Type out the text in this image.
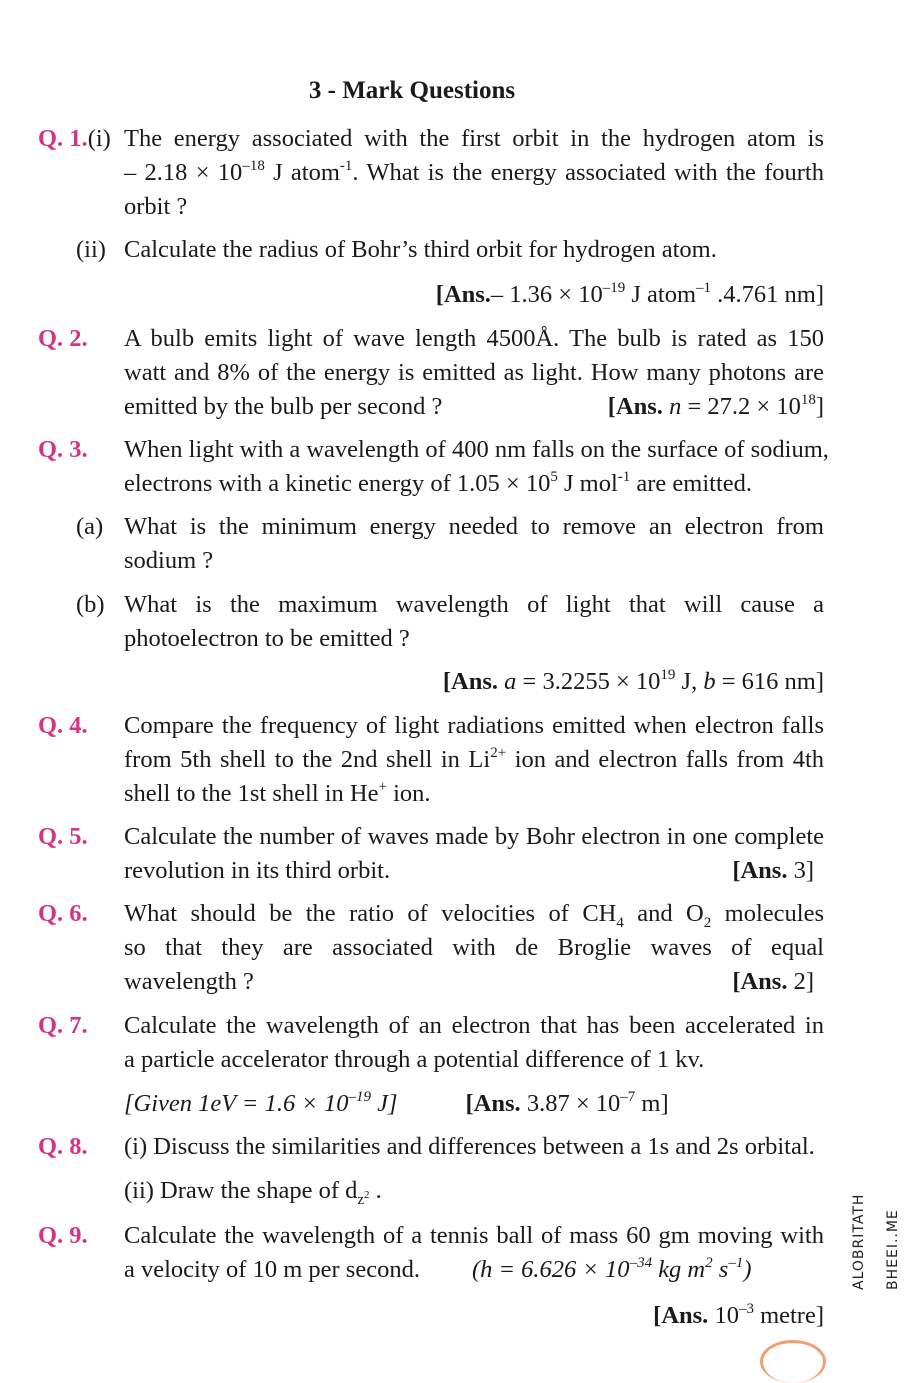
3 - Mark Questions
Q. 1.(i) The energy associated with the first orbit in the hydrogen atom is
– $2.18 \times 10^{-18}$ J atom$^{-1}$. What is the energy associated with the fourth
orbit ?
(ii) Calculate the radius of Bohr’s third orbit for hydrogen atom.
[Ans.– $1.36 \times 10^{-19}$ J atom$^{-1}$ .4.761 nm]
Q. 2. A bulb emits light of wave length 4500Å. The bulb is rated as 150
watt and 8% of the energy is emitted as light. How many photons are
emitted by the bulb per second ?	[Ans. $n = 27.2 \times 10^{18}$]
Q. 3. When light with a wavelength of 400 nm falls on the surface of sodium,
electrons with a kinetic energy of $1.05 \times 10^5$ J mol$^{-1}$ are emitted.
(a) What is the minimum energy needed to remove an electron from
sodium ?
(b) What is the maximum wavelength of light that will cause a
photoelectron to be emitted ?
[Ans. $a = 3.2255 \times 10^{19}$ J, b = 616 nm]
Q. 4. Compare the frequency of light radiations emitted when electron falls
from 5th shell to the 2nd shell in $Li^{2+}$ ion and electron falls from 4th
shell to the 1st shell in He+ ion.
Q. 5. Calculate the number of waves made by Bohr electron in one complete
revolution in its third orbit.	[Ans. 3]
Q. 6. What should be the ratio of velocities of $CH_4$ and $O_2$ molecules
so that they are associated with de Broglie waves of equal
wavelength ?	[Ans. 2]
Q. 7. Calculate the wavelength of an electron that has been accelerated in
a particle accelerator through a potential difference of 1 kv.
[Given $1eV = 1.6 \times 10^{-19}$ J]	[Ans. $3.87 \times 10^{-7}$ m]
Q. 8. (i) Discuss the similarities and differences between a 1s and 2s orbital.
(ii) Draw the shape of $d_{z^2}$ .
Q. 9. Calculate the wavelength of a tennis ball of mass 60 gm moving with
a velocity of 10 m per second. ($h = 6.626 \times 10^{-34}$ kg $m^2$ $s^{-1}$)
[Ans. $10^{-3}$ metre]
ALOBRITATH BHEEI..ME
